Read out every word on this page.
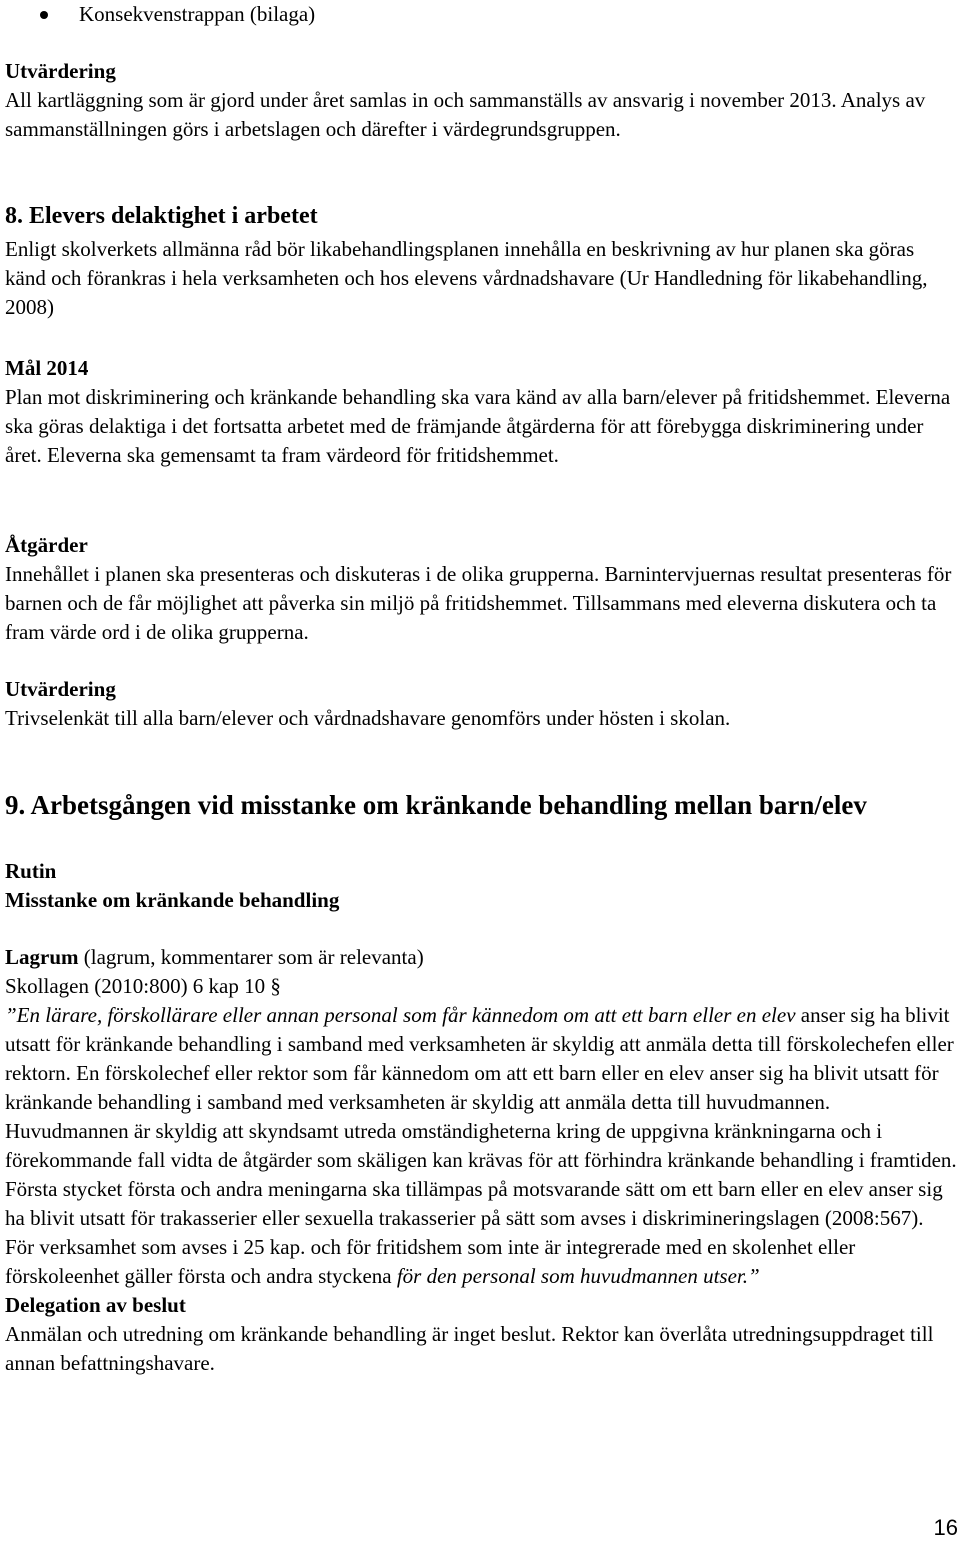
Konsekvenstrappan (bilaga)

Utvärdering

All kartläggning som är gjord under året samlas in och sammanställs av ansvarig i november 2013. Analys av sammanställningen görs i arbetslagen och därefter i värdegrundsgruppen.

8. Elevers delaktighet i arbetet

Enligt skolverkets allmänna råd bör likabehandlingsplanen innehålla en beskrivning av hur planen ska göras känd och förankras i hela verksamheten och hos elevens vårdnadshavare (Ur Handledning för likabehandling, 2008)

Mål 2014

Plan mot diskriminering och kränkande behandling ska vara känd av alla barn/elever på fritidshemmet. Eleverna ska göras delaktiga i det fortsatta arbetet med de främjande åtgärderna för att förebygga diskriminering under året. Eleverna ska gemensamt ta fram värdeord för fritidshemmet.

Åtgärder

Innehållet i planen ska presenteras och diskuteras i de olika grupperna. Barnintervjuernas resultat presenteras för barnen och de får möjlighet att påverka sin miljö på fritidshemmet. Tillsammans med eleverna diskutera och ta fram värde ord i de olika grupperna.

Utvärdering

Trivselenkät till alla barn/elever och vårdnadshavare genomförs under hösten i skolan.

9. Arbetsgången vid misstanke om kränkande behandling mellan barn/elev

Rutin

Misstanke om kränkande behandling

Lagrum (lagrum, kommentarer som är relevanta)

Skollagen (2010:800) 6 kap 10 §

”En lärare, förskollärare eller annan personal som får kännedom om att ett barn eller en elev anser sig ha blivit utsatt för kränkande behandling i samband med verksamheten är skyldig att anmäla detta till förskolechefen eller rektorn. En förskolechef eller rektor som får kännedom om att ett barn eller en elev anser sig ha blivit utsatt för kränkande behandling i samband med verksamheten är skyldig att anmäla detta till huvudmannen. Huvudmannen är skyldig att skyndsamt utreda omständigheterna kring de uppgivna kränkningarna och i förekommande fall vidta de åtgärder som skäligen kan krävas för att förhindra kränkande behandling i framtiden. Första stycket första och andra meningarna ska tillämpas på motsvarande sätt om ett barn eller en elev anser sig ha blivit utsatt för trakasserier eller sexuella trakasserier på sätt som avses i diskrimineringslagen (2008:567). För verksamhet som avses i 25 kap. och för fritidshem som inte är integrerade med en skolenhet eller förskoleenhet gäller första och andra styckena för den personal som huvudmannen utser.”

Delegation av beslut

Anmälan och utredning om kränkande behandling är inget beslut. Rektor kan överlåta utredningsuppdraget till annan befattningshavare.

16
